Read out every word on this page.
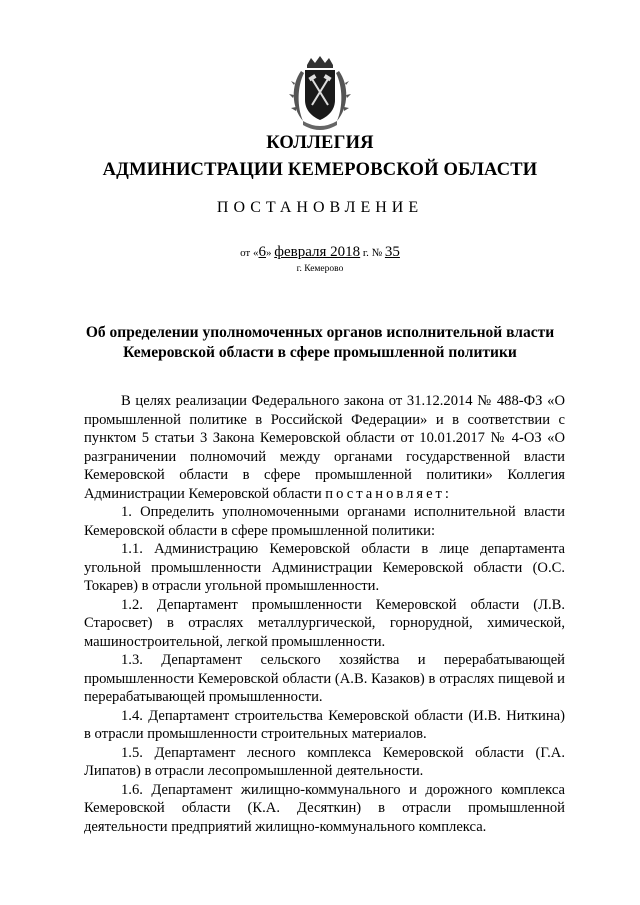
КОЛЛЕГИЯ
АДМИНИСТРАЦИИ КЕМЕРОВСКОЙ ОБЛАСТИ
ПОСТАНОВЛЕНИЕ
от «6» февраля 2018 г. № 35
г. Кемерово
Об определении уполномоченных органов исполнительной власти
Кемеровской области в сфере промышленной политики

В целях реализации Федерального закона от 31.12.2014 № 488-ФЗ «О промышленной политике в Российской Федерации» и в соответствии с пунктом 5 статьи 3 Закона Кемеровской области от 10.01.2017 № 4-ОЗ «О разграничении полномочий между органами государственной власти Кемеровской области в сфере промышленной политики» Коллегия Администрации Кемеровской области постановляет:

1. Определить уполномоченными органами исполнительной власти Кемеровской области в сфере промышленной политики:

1.1. Администрацию Кемеровской области в лице департамента угольной промышленности Администрации Кемеровской области (О.С. Токарев) в отрасли угольной промышленности.

1.2. Департамент промышленности Кемеровской области (Л.В. Старосвет) в отраслях металлургической, горнорудной, химической, машиностроительной, легкой промышленности.

1.3. Департамент сельского хозяйства и перерабатывающей промышленности Кемеровской области (А.В. Казаков) в отраслях пищевой и перерабатывающей промышленности.

1.4. Департамент строительства Кемеровской области (И.В. Ниткина) в отрасли промышленности строительных материалов.

1.5. Департамент лесного комплекса Кемеровской области (Г.А. Липатов) в отрасли лесопромышленной деятельности.

1.6. Департамент жилищно-коммунального и дорожного комплекса Кемеровской области (К.А. Десяткин) в отрасли промышленной деятельности предприятий жилищно-коммунального комплекса.
